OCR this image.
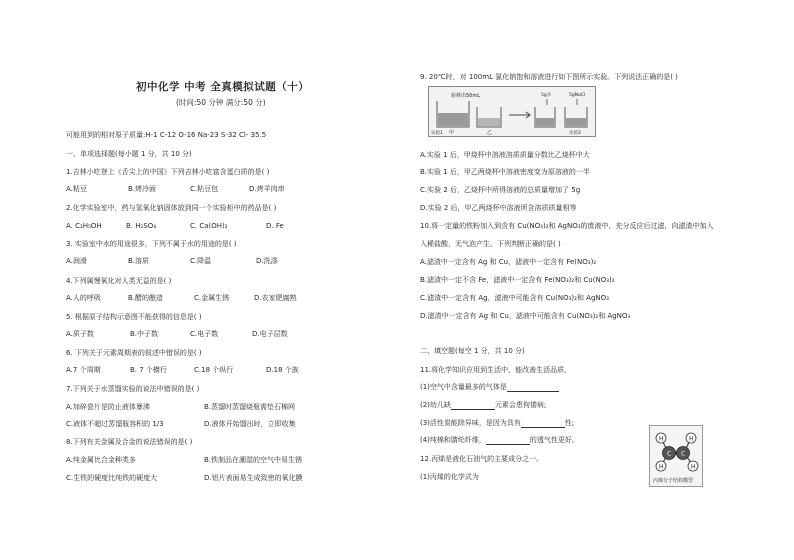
初中化学 中考 全真模拟试题（十）
(时间:50 分钟 满分:50 分)
可能用到的相对原子质量:H-1 C-12 O-16 Na-23 S-32 Cl- 35.5
一、单项选择题(每小题 1 分，共 10 分)
1.吉林小吃登上《舌尖上的中国》下列吉林小吃富含蛋白质的是( )
A.粘豆	B.烤冷面	C.粘豆包	D.烤羊肉串
2.化学实验室中，药与氢氧化钠固体放到同一个实验柜中的药品是( )
A. C₂H₅OH	B. H₂SO₄	C. Ca(OH)₂	D. Fe
3. 实验室中水的用途很多，下列不属于水的用途的是( )
A.润滑	B.溶质	C.降温	D.洗涤
4.下列属慢氧化对人类无益的是( )
A.人的呼吸	B.醋的酿造	C.金属生锈	D.农家肥腐熟
5. 根据原子结构示意图不能获得的信息是( )
A.质子数	B.中子数	C.电子数	D.电子层数
6. 下列关于元素周期表的叙述中错误的是( )
A.7 个周期	B. 7 个横行	C.18 个纵行	D.18 个族
7.下列关于水蒸馏实验的说法中错误的是( )
A.加碎瓷片是防止液体暴沸	B.蒸馏时蒸馏烧瓶需垫石棉网
C.液体不超过蒸馏瓶容积的 1/3	D.液体开始馏出时，立即收集
8.下列有关金属及合金的说法错误的是( )
A.纯金属比合金种类多	B.铁制品在潮湿的空气中易生锈
C.生铁的硬度比纯铁的硬度大	D.铝片表面易生成致密的氧化膜
9. 20℃时，对 100mL 氯化钠饱和溶液进行如下图所示实验。下列说法正确的是( )
转移出50mL	5g水	5gNaCl
甲	乙
实验1	实验2
A.实验 1 后，甲烧杯中溶液溶质质量分数比乙烧杯中大
B.实验 1 后，甲乙两烧杯中溶液密度变为原溶液的一半
C.实验 2 后，乙烧杯中所得溶液的总质量增加了 5g
D.实验 2 后，甲乙两烧杯中溶液所含溶质质量相等
10.将一定量的铁粉加入到含有 Cu(NO₃)₂和 AgNO₃的废液中，充分反应后过滤，向滤渣中加入
入稀盐酸，无气泡产生。下列判断正确的是( )
A.滤渣中一定含有 Ag 和 Cu，滤液中一定含有 Fe(NO₃)₂
B.滤渣中一定不含 Fe，滤液中一定含有 Fe(NO₃)₂和 Cu(NO₃)₂
C.滤渣中一定含有 Ag，滤液中可能含有 Cu(NO₃)₂和 AgNO₃
D.滤渣中一定含有 Ag 和 Cu，滤液中可能含有 Cu(NO₃)₂和 AgNO₃
二、填空题(每空 1 分，共 10 分)
11.将化学知识应用到生活中，能改善生活品质。
(1)空气中含量最多的气体是
(2)幼儿缺	元素会患佝偻病;
(3)活性炭能除异味，是因为具有	性;
(4)纯棉和腈纶纤维，	的透气性更好。
12.丙烯是液化石油气的主要成分之一。
(1)丙烯的化学式为
H
H
C C
H
H
丙烯分子结构模型
